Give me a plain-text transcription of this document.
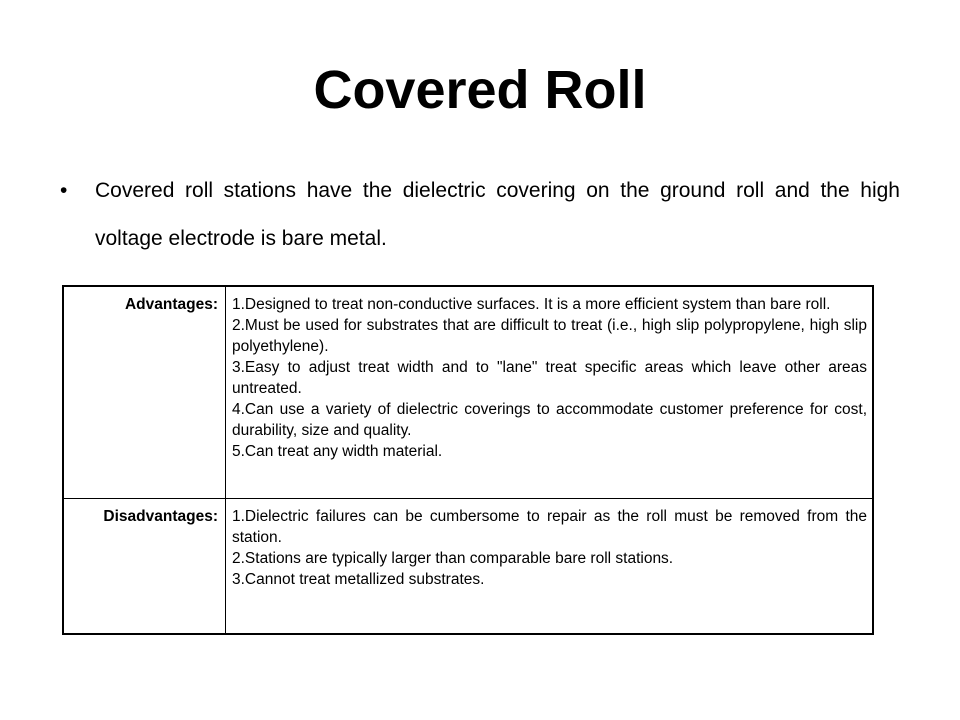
Covered Roll
•	Covered roll stations have the dielectric covering on the ground roll and the high voltage electrode is bare metal.
Advantages:	1.Designed to treat non-conductive surfaces. It is a more efficient system than bare roll.
2.Must be used for substrates that are difficult to treat (i.e., high slip polypropylene, high slip polyethylene).
3.Easy to adjust treat width and to "lane" treat specific areas which leave other areas untreated.
4.Can use a variety of dielectric coverings to accommodate customer preference for cost, durability, size and quality.
5.Can treat any width material.

Disadvantages:	1.Dielectric failures can be cumbersome to repair as the roll must be removed from the station.
2.Stations are typically larger than comparable bare roll stations.
3.Cannot treat metallized substrates.
